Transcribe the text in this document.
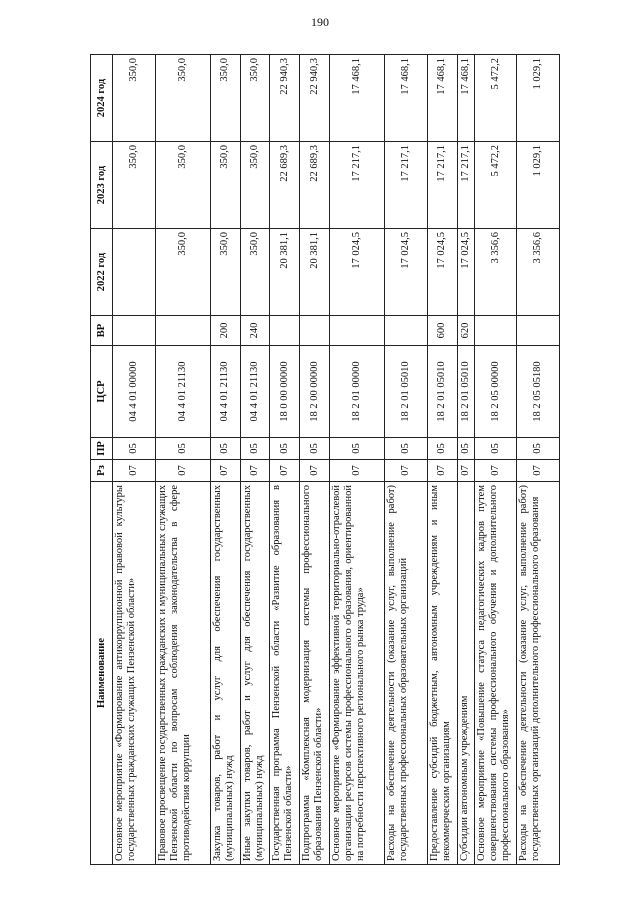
190
Наименование	Рз	ПР	ЦСР	ВР	2022 год	2023 год	2024 год
Основное мероприятие «Формирование антикоррупционной правовой культуры государственных гражданских служащих Пензенской области»	07	05	04 4 01 00000			350,0	350,0
Правовое просвещение государственных гражданских и муниципальных служащих Пензенской области по вопросам соблюдения законодательства в сфере противодействия коррупции	07	05	04 4 01 21130		350,0	350,0	350,0
Закупка товаров, работ и услуг для обеспечения государственных (муниципальных) нужд	07	05	04 4 01 21130	200	350,0	350,0	350,0
Иные закупки товаров, работ и услуг для обеспечения государственных (муниципальных) нужд	07	05	04 4 01 21130	240	350,0	350,0	350,0
Государственная программа Пензенской области «Развитие образования в Пензенской области»	07	05	18 0 00 00000		20 381,1	22 689,3	22 940,3
Подпрограмма «Комплексная модернизация системы профессионального образования Пензенской области»	07	05	18 2 00 00000		20 381,1	22 689,3	22 940,3
Основное мероприятие «Формирование эффективной территориально-отраслевой организации ресурсов системы профессионального образования, ориентированной на потребности перспективного регионального рынка труда»	07	05	18 2 01 00000		17 024,5	17 217,1	17 468,1
Расходы на обеспечение деятельности (оказание услуг, выполнение работ) государственных профессиональных образовательных организаций	07	05	18 2 01 05010		17 024,5	17 217,1	17 468,1
Предоставление субсидий бюджетным, автономным учреждениям и иным некоммерческим организациям	07	05	18 2 01 05010	600	17 024,5	17 217,1	17 468,1
Субсидии автономным учреждениям	07	05	18 2 01 05010	620	17 024,5	17 217,1	17 468,1
Основное мероприятие «Повышение статуса педагогических кадров путем совершенствования системы профессионального обучения и дополнительного профессионального образования»	07	05	18 2 05 00000		3 356,6	5 472,2	5 472,2
Расходы на обеспечение деятельности (оказание услуг, выполнение работ) государственных организаций дополнительного профессионального образования	07	05	18 2 05 05180		3 356,6	1 029,1	1 029,1
